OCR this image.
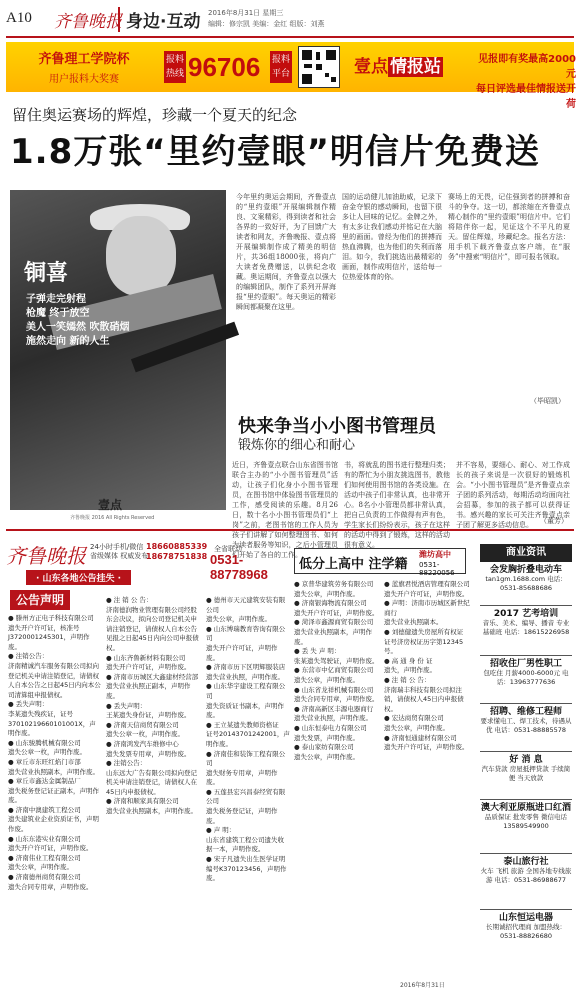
A10 齐鲁晚报 身边·互动 2016年8月31日 星期三
编辑：修宗凯 美编：金红 组版：刘燕
齐鲁理工学院杯
用户报料大奖赛
报料热线 96706 报料平台	壹点 情报站	见报即有奖最高2000元
每日评选最佳情报送开荷
留住奥运赛场的辉煌，珍藏一个夏天的纪念
1.8万张“里约壹眼”明信片免费送
铜喜
子弹走完射程
枪魔 终于放空
美人一笑嫣然 吹散硝烟
施然走向 新的人生
壹点
齐鲁晚报 2016 All Rights Reserved
今年里约奥运会期间，齐鲁壹点的“里约壹眼”开展编辑制作精良、文案精彩，得到读者和社会各界的一致好评，为了回馈广大读者和网友，齐鲁晚报、壹点将开展编辑制作成了精美的明信片，共36组18000张，将向广大读者免费赠送，以供纪念收藏。奥运期间，齐鲁壹点以强大的编辑团队，制作了系列开屏海报“里约壹眼”。每天奥运的精彩瞬间都凝聚在这里。
国的运动健儿加油助威，记录下奋金夺银的感动瞬间，也留下很多让人回味的记忆。金牌之外，有太多让我们感动并铭记在大脑里的画面。曾经为他们的拼搏而热血沸腾，也为他们的失利而落泪。如今，我们挑选出最精彩的画面，制作成明信片，送给每一位热爱体育的你。
赛场上的无畏，记住强到者的拼搏和奋斗的争夺。这一切，都浓缩在齐鲁壹点精心制作的“里约壹眼”明信片中。它们将陪伴你一起，见证这个不平凡的夏天。留住辉煌，珍藏纪念。报名方法：用手机下载齐鲁壹点客户端，在“服务”中搜索“明信片”，即可报名领取。
（毕昭凯）
快来争当小小图书管理员
锻炼你的细心和耐心
近日，齐鲁壹点联合山东省图书馆联合主办的“小小图书管理员”活动，让孩子们化身小小图书管理员，在图书馆中体验图书管理员的工作，感受阅读的乐趣。8月26日，数十名小小图书管理员们“上岗”之前，老图书馆的工作人员为孩子们讲解了如何整理图书、如何为读者服务等知识，之后小管理员们开始了各自的工作。
书，将就乱的图书进行整理归类；有的帮忙为小朋友挑选图书，教他们如何使用图书馆的各类设施。在活动中孩子们非常认真，也非常开心。8名小小管理员都非常认真，把自己负责的工作做得有声有色，学生家长们纷纷表示，孩子在这样的活动中得到了锻炼，这样的活动很有意义。
并不容易，要细心、耐心、对工作成长的孩子来说是一次很好的锻炼机会。“小小图书管理员”是齐鲁壹点亲子团的系列活动，每期活动均面向社会招募，参加的孩子都可以获得证书。感兴趣的家长可关注齐鲁壹点亲子团了解更多活动信息。	（董芳）
齐鲁晚报 24小时手机/微信
省级媒体 权威发布
18660885339
18678751838
全省联动
0531-88778968
· 山东各地公告挂失 ·
公告声明
● 滕州方正电子科技有限公司
遗失开户许可证，核准号J3720001245301，声明作废。
● 注销公告：
济南精诚汽车服务有限公司拟向登记机关申请注销登记，请债权人自本公告之日起45日内向本公司清算组申报债权。
● 丢失声明：
李某遗失残疾证，证号37010219660101001X，声明作废。
● 山东骏腾机械有限公司
遗失公章一枚，声明作废。
● 章丘市东旺红焰门市部
遗失营业执照副本，声明作废。
● 章丘市鑫达金属制品厂
遗失税务登记证正副本，声明作废。
● 济南中澳建筑工程公司
遗失建筑业企业资质证书，声明作废。
● 山东东港实业有限公司
遗失开户许可证，声明作废。
● 济南伟业工程有限公司
遗失公章，声明作废。
● 济南德州商贸有限公司
遗失合同专用章，声明作废。
● 注 销 公 告：
济南德润物业管理有限公司经股东会决议，拟向公司登记机关申请注销登记，请债权人自本公告见报之日起45日内向公司申报债权。
● 山东齐鲁新材料有限公司
遗失开户许可证，声明作废。
● 济南市历城区大鑫建材经营部
遗失营业执照正副本，声明作废。
● 丢失声明：
王某遗失身份证，声明作废。
● 济南天信商贸有限公司
遗失公章一枚，声明作废。
● 济南鸿发汽车维修中心
遗失发票专用章，声明作废。
● 注销公告：
山东远大广告有限公司拟向登记机关申请注销登记，请债权人在45日内申报债权。
● 济南和顺家具有限公司
遗失营业执照副本，声明作废。
● 德州市天元建筑安装有限公司
遗失公章，声明作废。
● 山东博瑞教育咨询有限公司
遗失开户许可证，声明作废。
● 济南市历下区明辉服装店
遗失营业执照，声明作废。
● 山东华宇建设工程有限公司
遗失资质证书副本，声明作废。
● 王立某遗失教师资格证
证号20143701242001，声明作废。
● 济南佳和装饰工程有限公司
遗失财务专用章，声明作废。
● 五莲县宏兴昌泰经贸有限公司
遗失税务登记证，声明作废。
● 声 明：
山东省建筑工程公司遗失收据一本，声明作废。
● 宋子凡遗失出生医学证明
编号K370123456，声明作废。
低分上高中 注学籍
潍坊高中
0531-88220056
● 京普华建筑劳务有限公司
遗失公章，声明作废。
● 济南银海物流有限公司
遗失开户许可证，声明作废。
● 菏泽市鑫源商贸有限公司
遗失营业执照副本，声明作废。
● 丢 失 声 明：
张某遗失驾驶证，声明作废。
● 东营市中亿商贸有限公司
遗失公章，声明作废。
● 山东省龙祥机械有限公司
遗失合同专用章，声明作废。
● 济南高新区丰源电器商行
遗失营业执照，声明作废。
● 山东恒泰电力有限公司
遗失发票，声明作废。
● 泰山家纺有限公司
遗失公章，声明作废。
● 蓝旗君悦酒店管理有限公司
遗失开户许可证，声明作废。
● 声明：济南市历城区新世纪商行
遗失营业执照副本。
● 刘德健遗失房屋所有权证
证号济房权证历字第12345号。
● 高 通 身 份 证
遗失，声明作废。
● 注 销 公 告：
济南瑞丰科技有限公司拟注销，请债权人45日内申报债权。
● 宏达商贸有限公司
遗失公章，声明作废。
● 济南恒通建材有限公司
遗失开户许可证，声明作废。
商业资讯
会发胸折叠电动车
tan1gm.1688.com 电话：0531-85688686
2017 艺考培训
音乐、美术、编导、播音 专业基础班 电话：18615226958
招收住厂男性职工
包吃住 月薪4000-6000元 电话：13963777636
招聘、维修工程师
要求懂电工、焊工技术，待遇从优 电话：0531-88885578
好 消 息
汽车贷款 房屋抵押贷款 手续简便 当天放款
澳大利亚原瓶进口红酒
品质保证 批发零售 微信电话13589549900
泰山旅行社
火车 飞机 旅游 全国各地专线旅游 电话：0531-86988677
山东恒运电器
长期诚招代理商 加盟热线：0531-88826680
2016年8月31日
